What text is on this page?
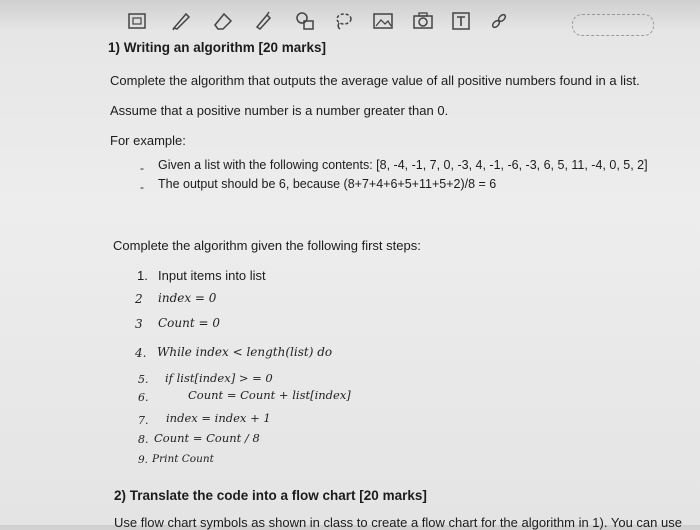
1) Writing an algorithm [20 marks]
Complete the algorithm that outputs the average value of all positive numbers found in a list.
Assume that a positive number is a number greater than 0.
For example:
- Given a list with the following contents: [8, -4, -1, 7, 0, -3, 4, -1, -6, -3, 6, 5, 11, -4, 0, 5, 2]
- The output should be 6, because (8+7+4+6+5+11+5+2)/8 = 6
Complete the algorithm given the following first steps:
1. Input items into list
2 index = 0
3 Count = 0
4. While index < length(list) do
5. if list[index] > = 0
6.	Count = Count + list[index]
7. index = index + 1
8. Count = Count / 8
9. Print Count
2) Translate the code into a flow chart [20 marks]
Use flow chart symbols as shown in class to create a flow chart for the algorithm in 1). You can use
